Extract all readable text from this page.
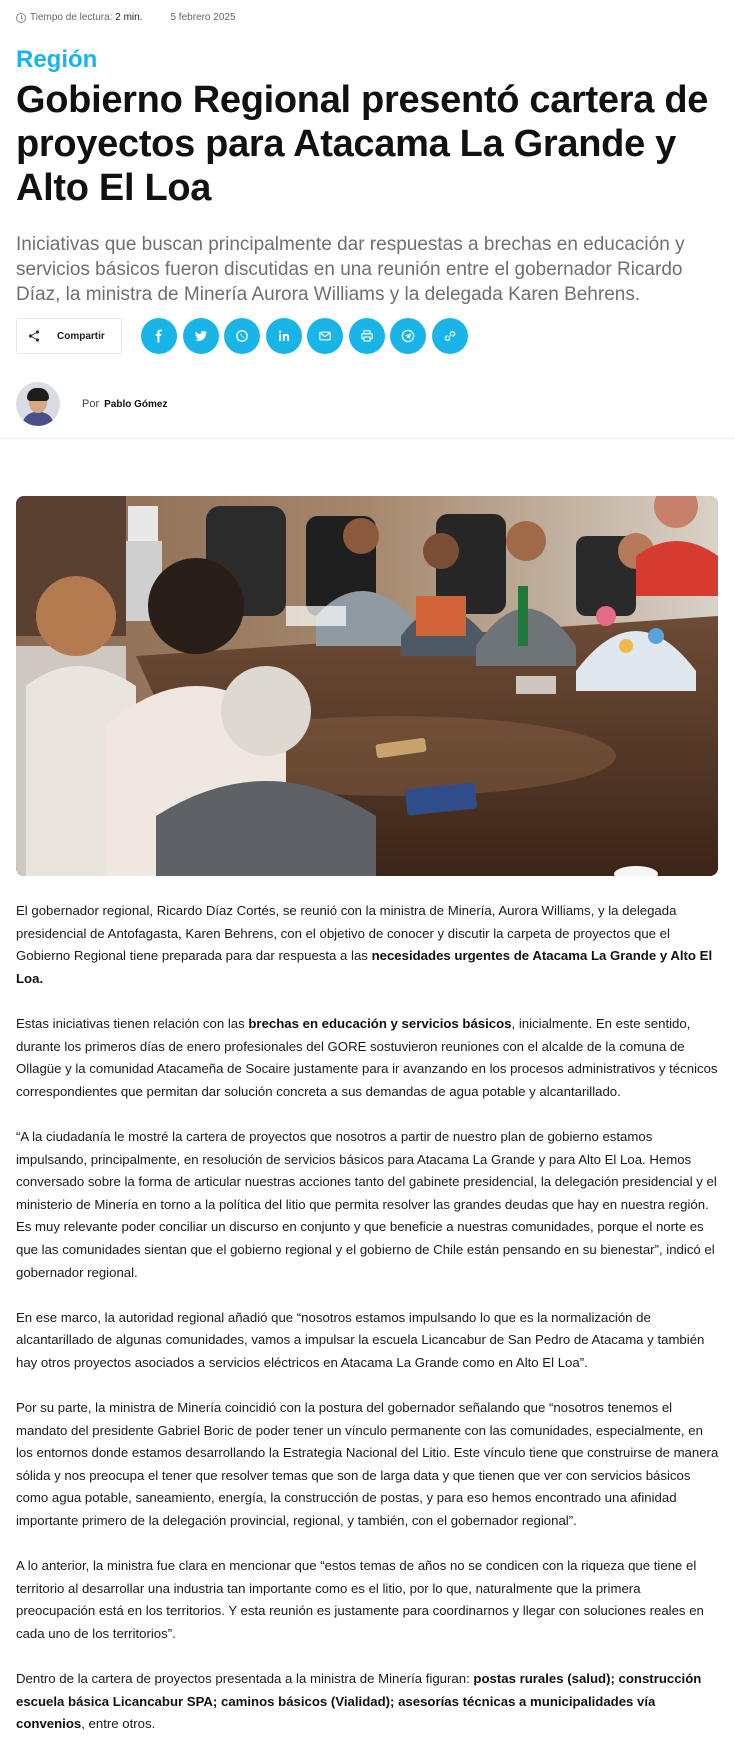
Tiempo de lectura: 2 min.	5 febrero 2025
Región
Gobierno Regional presentó cartera de proyectos para Atacama La Grande y Alto El Loa

Iniciativas que buscan principalmente dar respuestas a brechas en educación y servicios básicos fueron discutidas en una reunión entre el gobernador Ricardo Díaz, la ministra de Minería Aurora Williams y la delegada Karen Behrens.

Compartir
Por Pablo Gómez

El gobernador regional, Ricardo Díaz Cortés, se reunió con la ministra de Minería, Aurora Williams, y la delegada presidencial de Antofagasta, Karen Behrens, con el objetivo de conocer y discutir la carpeta de proyectos que el Gobierno Regional tiene preparada para dar respuesta a las necesidades urgentes de Atacama La Grande y Alto El Loa.

Estas iniciativas tienen relación con las brechas en educación y servicios básicos, inicialmente. En este sentido, durante los primeros días de enero profesionales del GORE sostuvieron reuniones con el alcalde de la comuna de Ollagüe y la comunidad Atacameña de Socaire justamente para ir avanzando en los procesos administrativos y técnicos correspondientes que permitan dar solución concreta a sus demandas de agua potable y alcantarillado.

“A la ciudadanía le mostré la cartera de proyectos que nosotros a partir de nuestro plan de gobierno estamos impulsando, principalmente, en resolución de servicios básicos para Atacama La Grande y para Alto El Loa. Hemos conversado sobre la forma de articular nuestras acciones tanto del gabinete presidencial, la delegación presidencial y el ministerio de Minería en torno a la política del litio que permita resolver las grandes deudas que hay en nuestra región. Es muy relevante poder conciliar un discurso en conjunto y que beneficie a nuestras comunidades, porque el norte es que las comunidades sientan que el gobierno regional y el gobierno de Chile están pensando en su bienestar”, indicó el gobernador regional.

En ese marco, la autoridad regional añadió que “nosotros estamos impulsando lo que es la normalización de alcantarillado de algunas comunidades, vamos a impulsar la escuela Licancabur de San Pedro de Atacama y también hay otros proyectos asociados a servicios eléctricos en Atacama La Grande como en Alto El Loa”.

Por su parte, la ministra de Minería coincidió con la postura del gobernador señalando que “nosotros tenemos el mandato del presidente Gabriel Boric de poder tener un vínculo permanente con las comunidades, especialmente, en los entornos donde estamos desarrollando la Estrategia Nacional del Litio. Este vínculo tiene que construirse de manera sólida y nos preocupa el tener que resolver temas que son de larga data y que tienen que ver con servicios básicos como agua potable, saneamiento, energía, la construcción de postas, y para eso hemos encontrado una afinidad importante primero de la delegación provincial, regional, y también, con el gobernador regional”.

A lo anterior, la ministra fue clara en mencionar que “estos temas de años no se condicen con la riqueza que tiene el territorio al desarrollar una industria tan importante como es el litio, por lo que, naturalmente que la primera preocupación está en los territorios. Y esta reunión es justamente para coordinarnos y llegar con soluciones reales en cada uno de los territorios”.

Dentro de la cartera de proyectos presentada a la ministra de Minería figuran: postas rurales (salud); construcción escuela básica Licancabur SPA; caminos básicos (Vialidad); asesorías técnicas a municipalidades vía convenios, entre otros.
